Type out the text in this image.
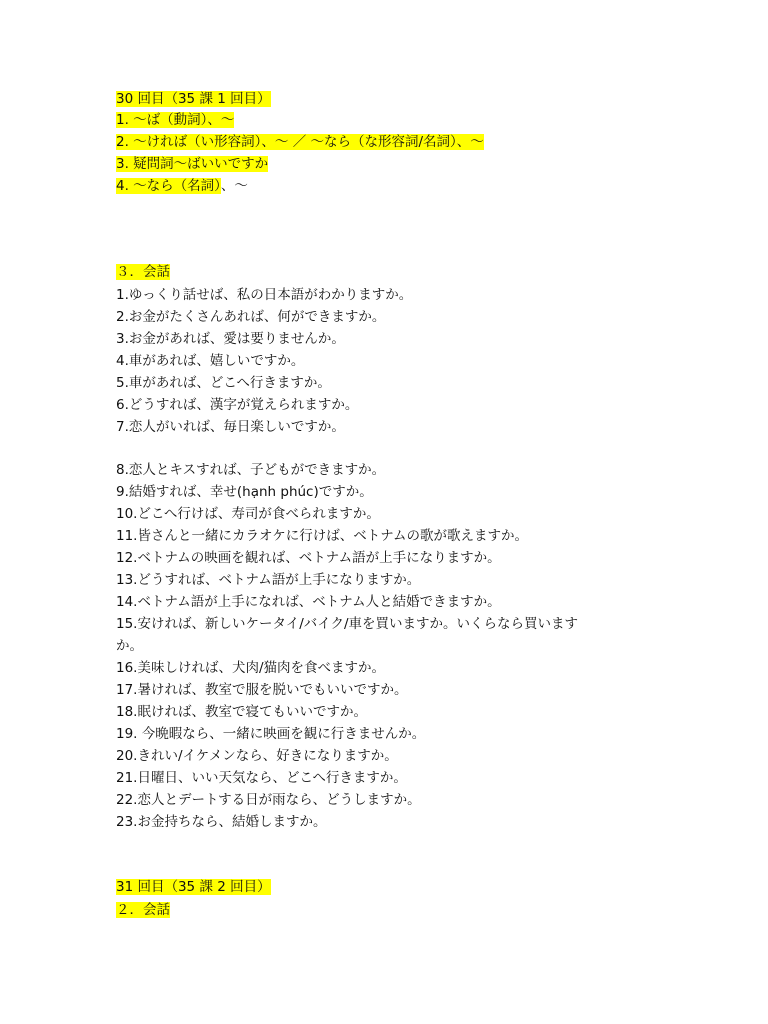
30 回目（35 課 1 回目）
1. ～ば（動詞）、～
2. ～ければ（い形容詞）、～ ／ ～なら（な形容詞/名詞）、～
3. 疑問詞～ばいいですか
4. ～なら（名詞）、～
３．会話
1.ゆっくり話せば、私の日本語がわかりますか。
2.お金がたくさんあれば、何ができますか。
3.お金があれば、愛は要りませんか。
4.車があれば、嬉しいですか。
5.車があれば、どこへ行きますか。
6.どうすれば、漢字が覚えられますか。
7.恋人がいれば、毎日楽しいですか。
8.恋人とキスすれば、子どもができますか。
9.結婚すれば、幸せ(hạnh phúc)ですか。
10.どこへ行けば、寿司が食べられますか。
11.皆さんと一緒にカラオケに行けば、ベトナムの歌が歌えますか。
12.ベトナムの映画を観れば、ベトナム語が上手になりますか。
13.どうすれば、ベトナム語が上手になりますか。
14.ベトナム語が上手になれば、ベトナム人と結婚できますか。
15.安ければ、新しいケータイ/バイク/車を買いますか。いくらなら買います
か。
16.美味しければ、犬肉/猫肉を食べますか。
17.暑ければ、教室で服を脱いでもいいですか。
18.眠ければ、教室で寝てもいいですか。
19. 今晩暇なら、一緒に映画を観に行きませんか。
20.きれい/イケメンなら、好きになりますか。
21.日曜日、いい天気なら、どこへ行きますか。
22.恋人とデートする日が雨なら、どうしますか。
23.お金持ちなら、結婚しますか。
31 回目（35 課 2 回目）
２．会話
